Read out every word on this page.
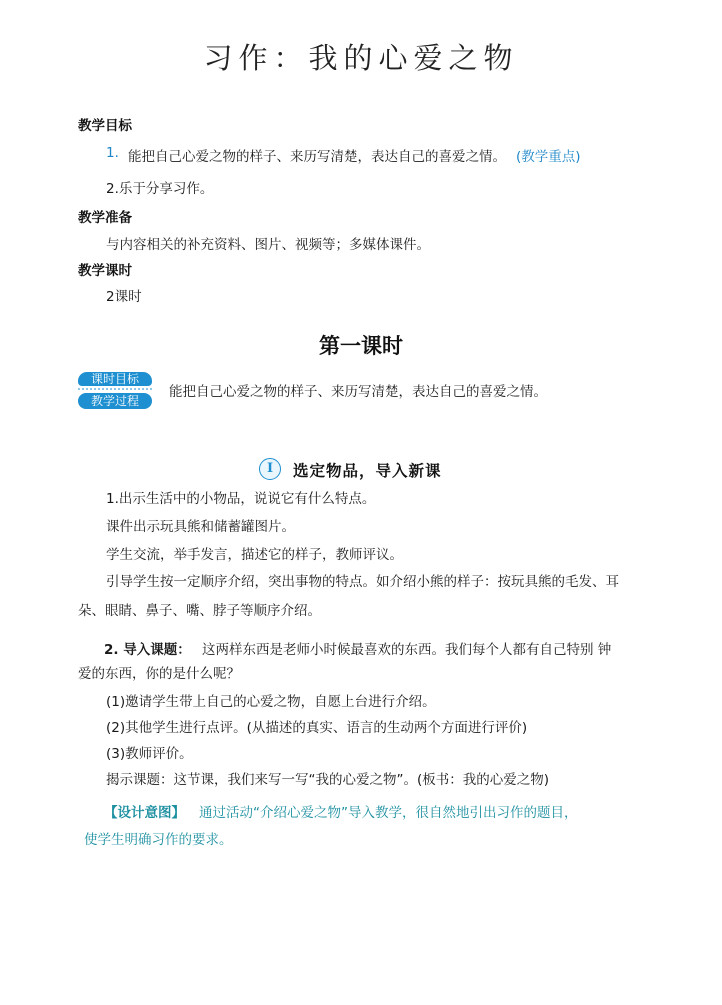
习作：我的心爱之物
教学目标
1. 能把自己心爱之物的样子、来历写清楚，表达自己的喜爱之情。 (教学重点)
2.乐于分享习作。
教学准备
与内容相关的补充资料、图片、视频等；多媒体课件。
教学课时
2课时
第一课时
课时目标
教学过程
能把自己心爱之物的样子、来历写清楚，表达自己的喜爱之情。
I	选定物品，导入新课
1.出示生活中的小物品，说说它有什么特点。
课件出示玩具熊和储蓄罐图片。
学生交流，举手发言，描述它的样子，教师评议。
引导学生按一定顺序介绍，突出事物的特点。如介绍小熊的样子：按玩具熊的毛发、耳
朵、眼睛、鼻子、嘴、脖子等顺序介绍。
2. 导入课题： 这两样东西是老师小时候最喜欢的东西。我们每个人都有自己特别 钟
爱的东西，你的是什么呢？
(1)邀请学生带上自己的心爱之物，自愿上台进行介绍。
(2)其他学生进行点评。(从描述的真实、语言的生动两个方面进行评价)
(3)教师评价。
揭示课题：这节课，我们来写一写“我的心爱之物”。(板书：我的心爱之物)
【设计意图】 通过活动“介绍心爱之物”导入教学，很自然地引出习作的题目，
使学生明确习作的要求。
